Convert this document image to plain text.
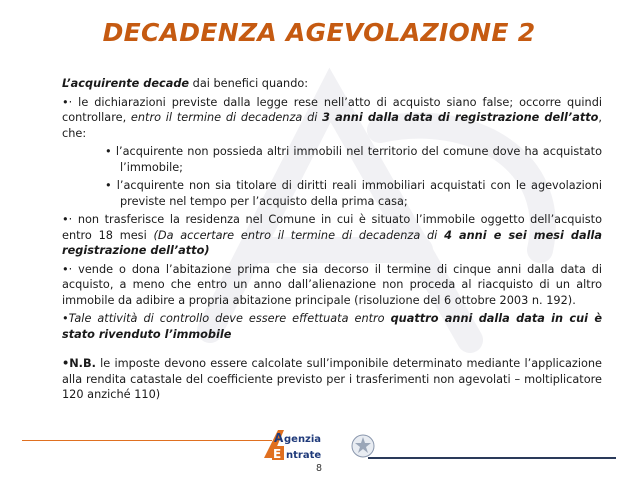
DECADENZA AGEVOLAZIONE 2

L’acquirente decade dai benefici quando:

•· le dichiarazioni previste dalla legge rese nell’atto di acquisto siano false; occorre quindi controllare, entro il termine di decadenza di 3 anni dalla data di registrazione dell’atto, che:

• l’acquirente non possieda altri immobili nel territorio del comune dove ha acquistato l’immobile;

• l’acquirente non sia titolare di diritti reali immobiliari acquistati con le agevolazioni previste nel tempo per l’acquisto della prima casa;

•· non trasferisce la residenza nel Comune in cui è situato l’immobile oggetto dell’acquisto entro 18 mesi (Da accertare entro il termine di decadenza di 4 anni e sei mesi dalla registrazione dell’atto)

•· vende o dona l’abitazione prima che sia decorso il termine di cinque anni dalla data di acquisto, a meno che entro un anno dall’alienazione non proceda al riacquisto di un altro immobile da adibire a propria abitazione principale (risoluzione del 6 ottobre 2003 n. 192).

•Tale attività di controllo deve essere effettuata entro quattro anni dalla data in cui è stato rivenduto l’immobile

•N.B. le imposte devono essere calcolate sull’imponibile determinato mediante l’applicazione alla rendita catastale del coefficiente previsto per i trasferimenti non agevolati – moltiplicatore 120 anziché 110)

A genzia
E ntrate
8
